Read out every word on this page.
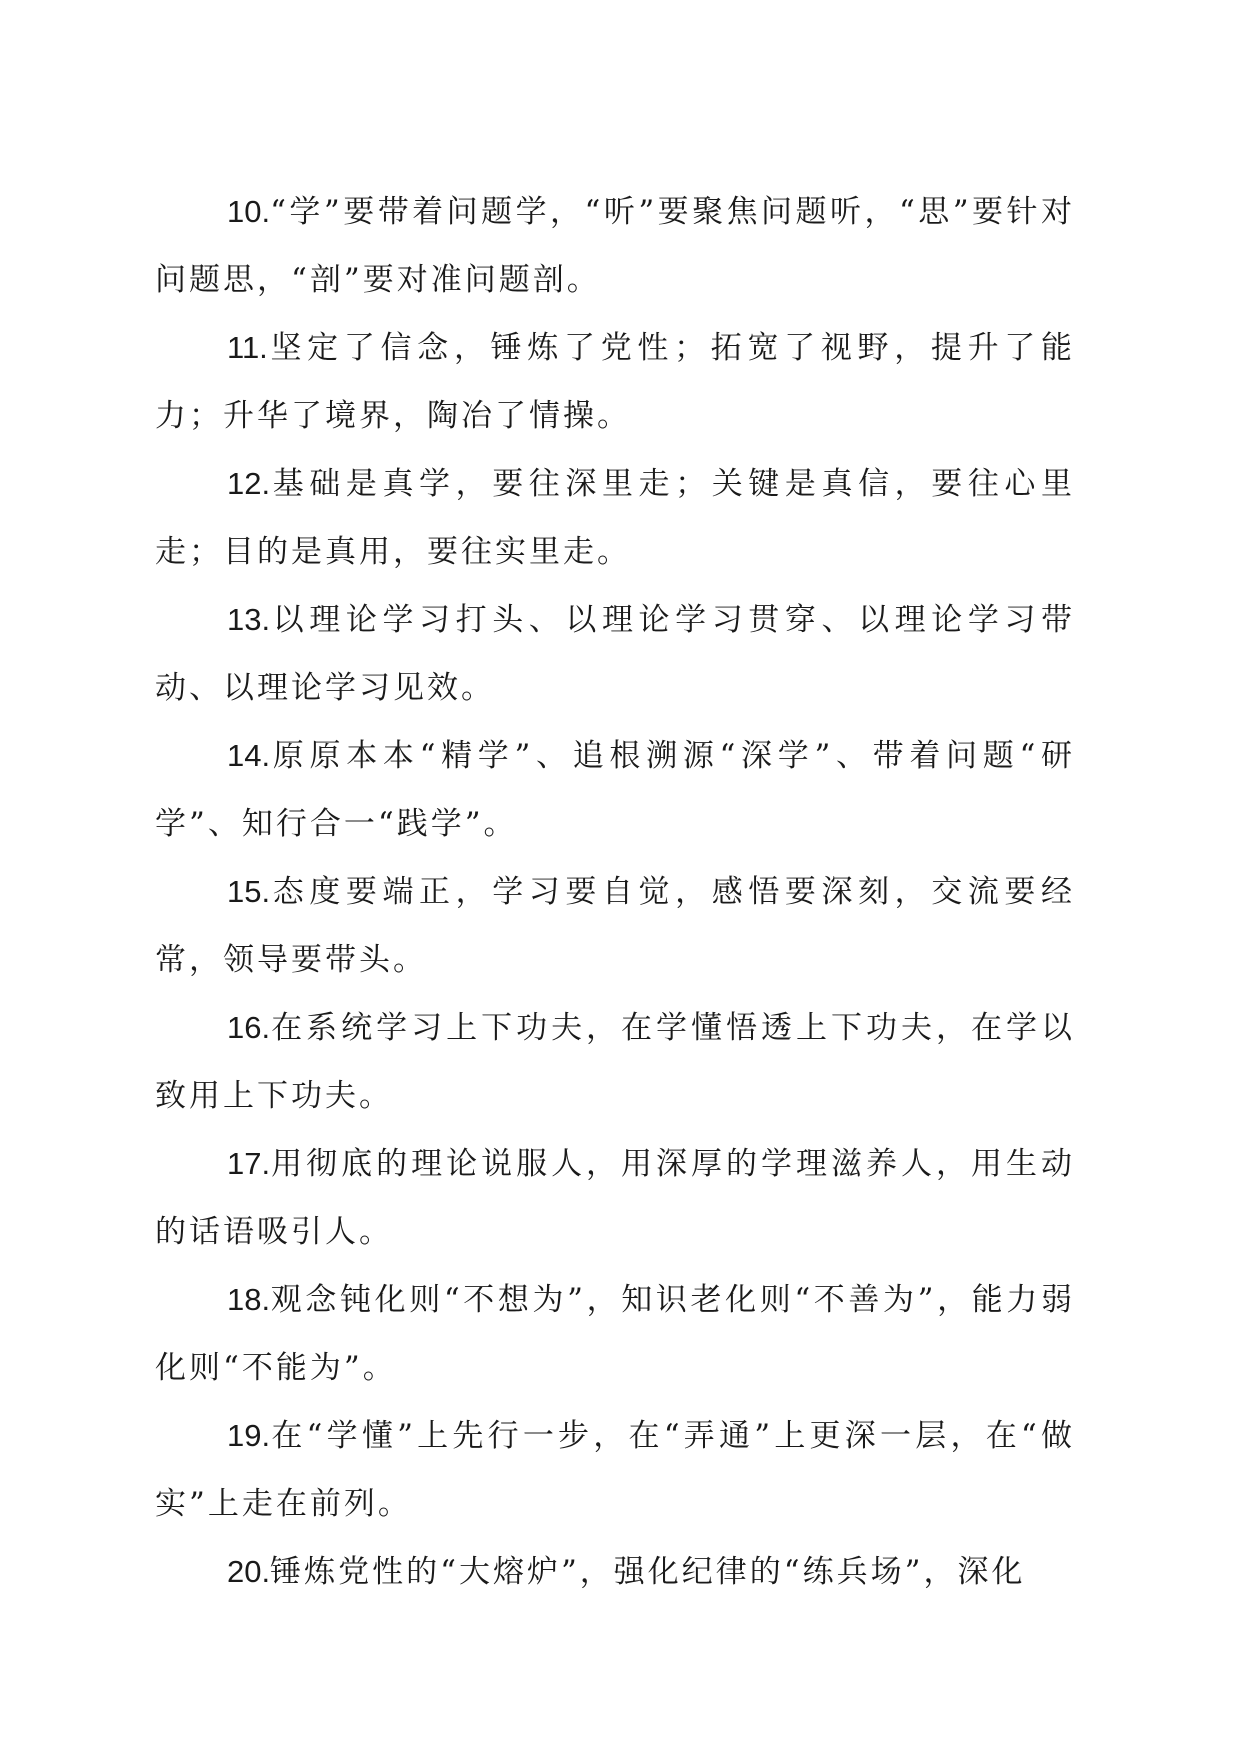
10.“学”要带着问题学，“听”要聚焦问题听，“思”要针对问题思，“剖”要对准问题剖。

11.坚定了信念，锤炼了党性；拓宽了视野，提升了能力；升华了境界，陶冶了情操。

12.基础是真学，要往深里走；关键是真信，要往心里走；目的是真用，要往实里走。

13.以理论学习打头、以理论学习贯穿、以理论学习带动、以理论学习见效。

14.原原本本“精学”、追根溯源“深学”、带着问题“研学”、知行合一“践学”。

15.态度要端正，学习要自觉，感悟要深刻，交流要经常，领导要带头。

16.在系统学习上下功夫，在学懂悟透上下功夫，在学以致用上下功夫。

17.用彻底的理论说服人，用深厚的学理滋养人，用生动的话语吸引人。

18.观念钝化则“不想为”，知识老化则“不善为”，能力弱化则“不能为”。

19.在“学懂”上先行一步，在“弄通”上更深一层，在“做实”上走在前列。

20.锤炼党性的“大熔炉”，强化纪律的“练兵场”，深化
